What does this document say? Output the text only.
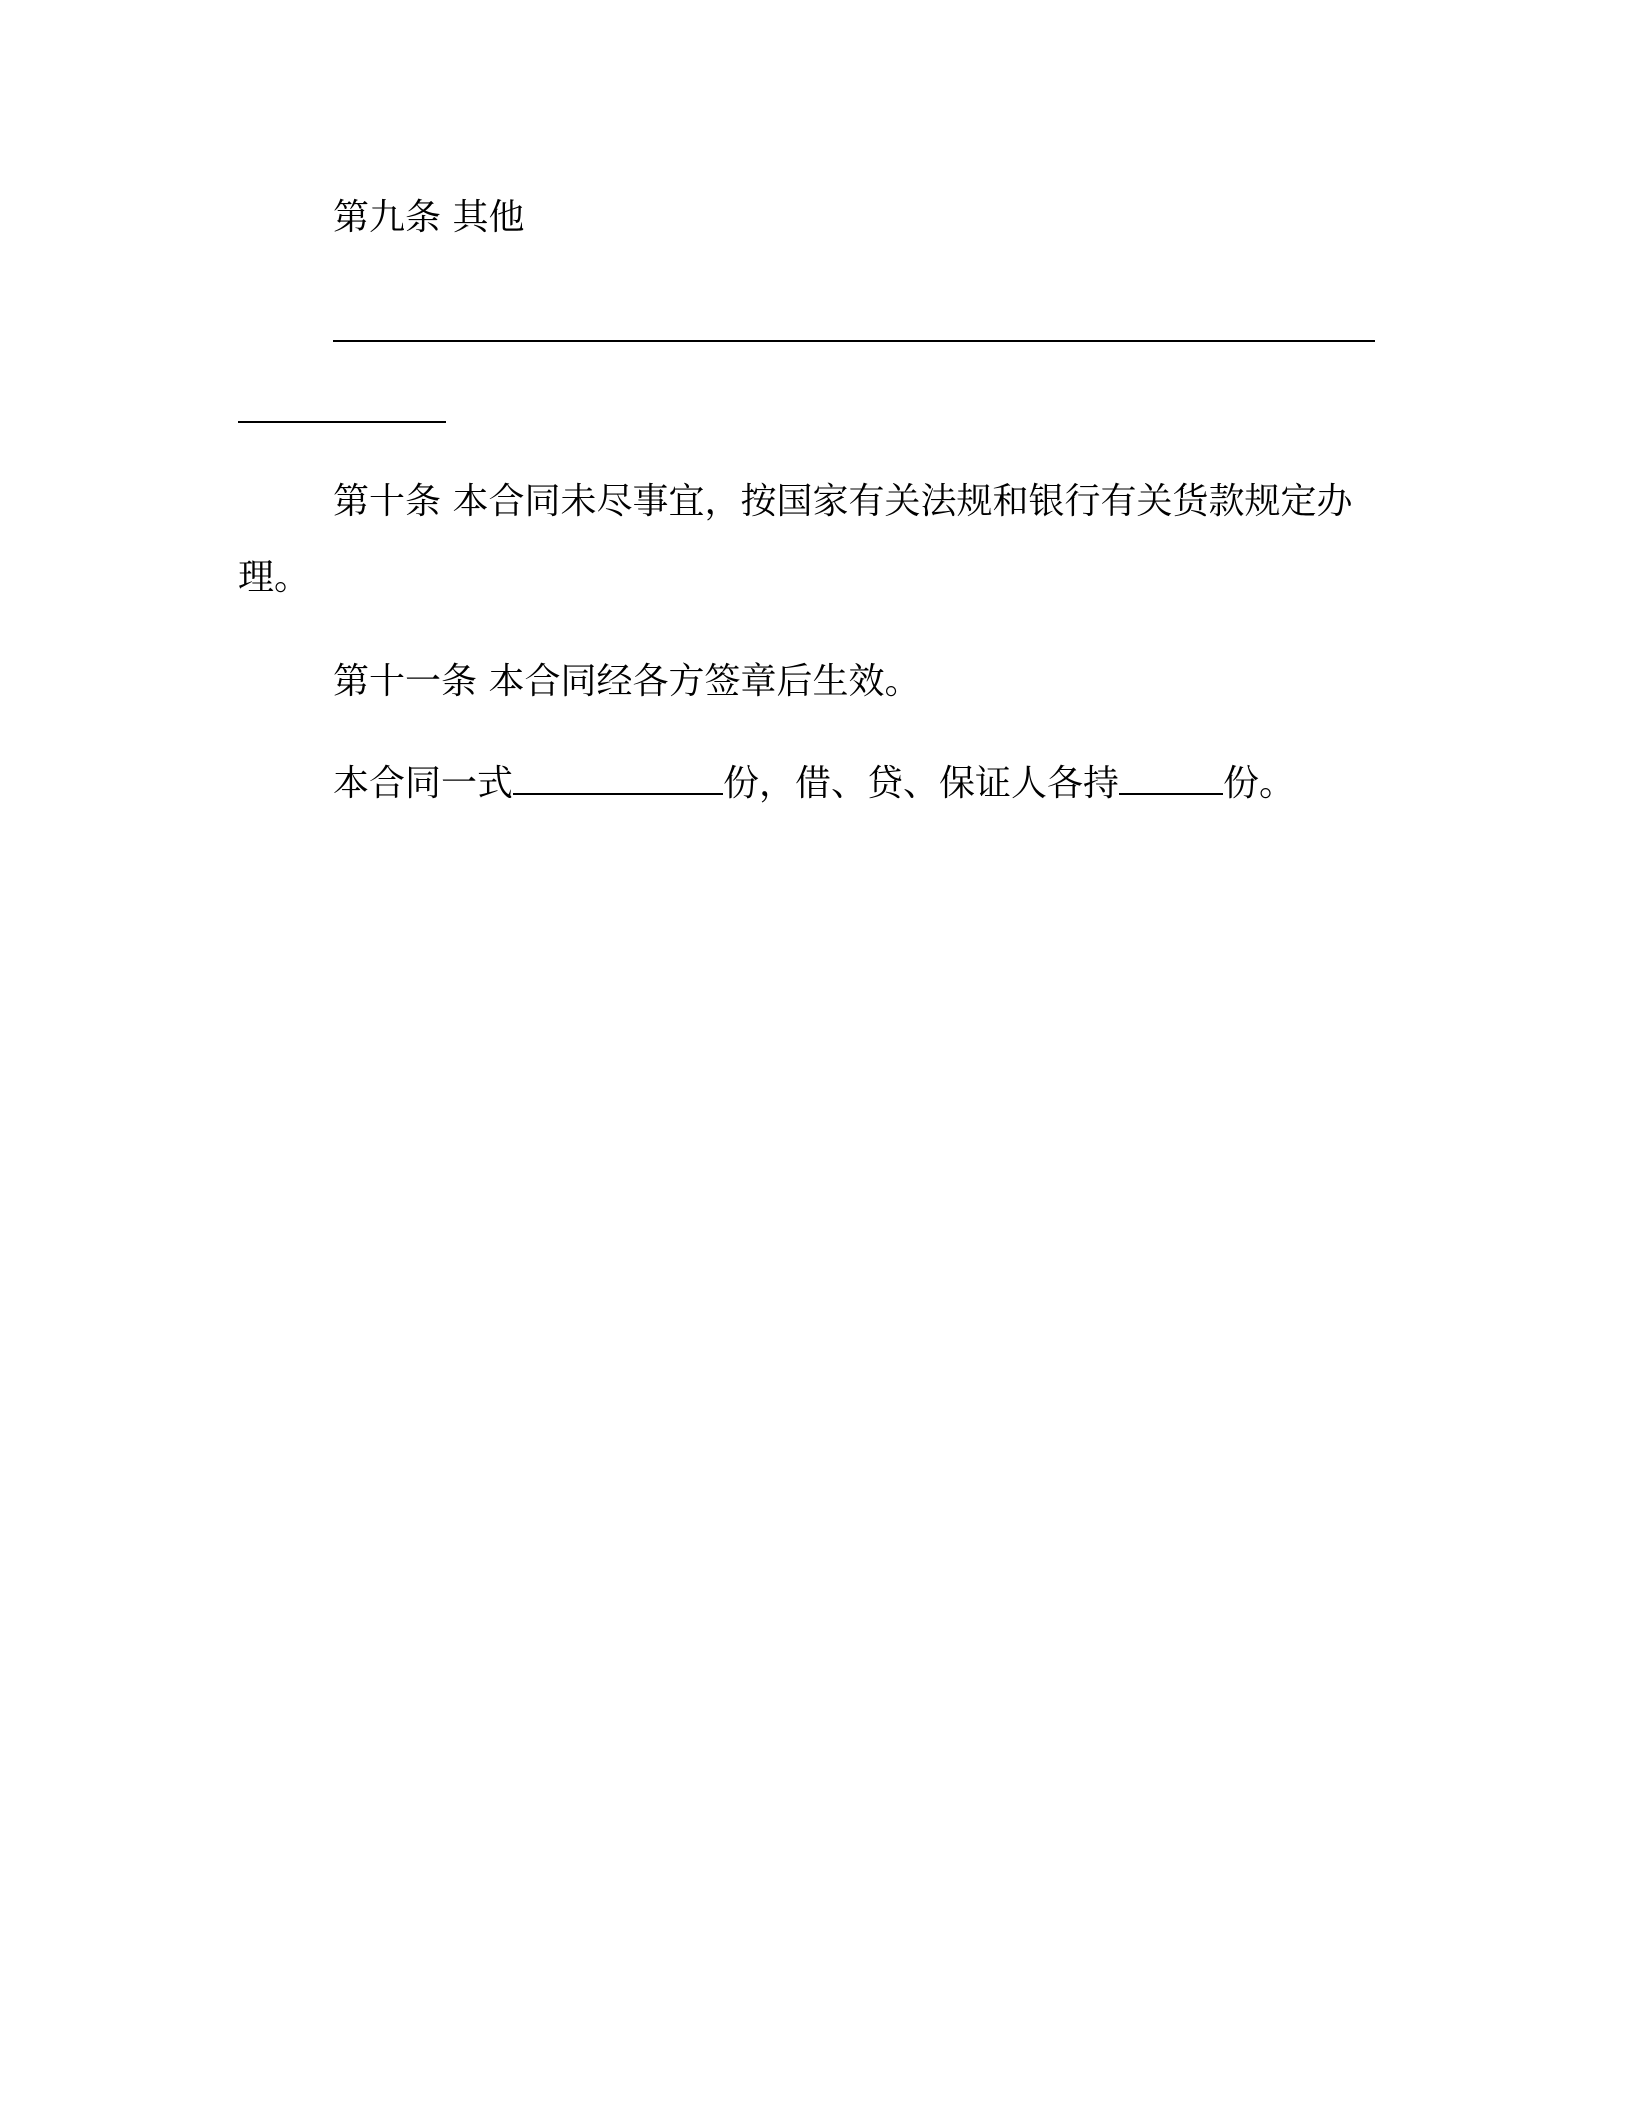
第九条 其他

第十条 本合同未尽事宜，按国家有关法规和银行有关货款规定办

理。

第十一条 本合同经各方签章后生效。

本合同一式	份，借、贷、保证人各持	份。
